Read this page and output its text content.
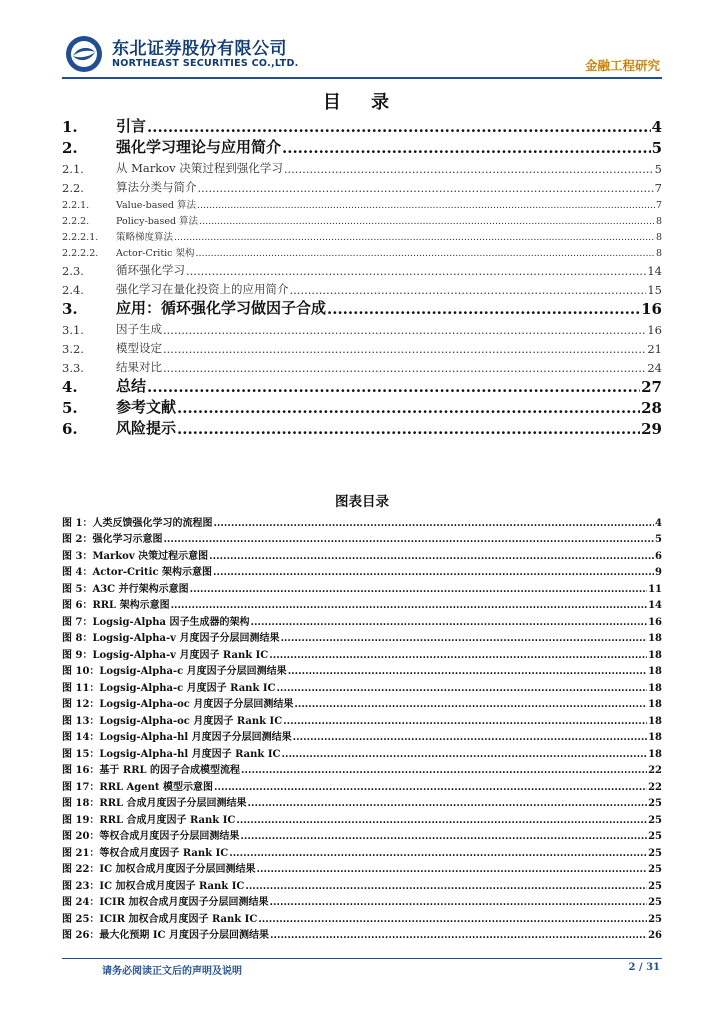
东北证券股份有限公司
NORTHEAST SECURITIES CO.,LTD.	金融工程研究
目 录
1.	引言 .....	4
2.	强化学习理论与应用简介 .....	5
2.1.	从 Markov 决策过程到强化学习 .....	5
2.2.	算法分类与简介 .....	7
2.2.1.	Value-based 算法 .....	7
2.2.2.	Policy-based 算法 .....	8
2.2.2.1.	策略梯度算法 .....	8
2.2.2.2.	Actor-Critic 架构 .....	8
2.3.	循环强化学习 .....	14
2.4.	强化学习在量化投资上的应用简介 .....	15
3.	应用：循环强化学习做因子合成 .....	16
3.1.	因子生成 .....	16
3.2.	模型设定 .....	21
3.3.	结果对比 .....	24
4.	总结 .....	27
5.	参考文献 .....	28
6.	风险提示 .....	29
图表目录
图 1：人类反馈强化学习的流程图 .....	4
图 2：强化学习示意图 .....	5
图 3：Markov 决策过程示意图 .....	6
图 4：Actor-Critic 架构示意图 .....	9
图 5：A3C 并行架构示意图 .....	11
图 6：RRL 架构示意图 .....	14
图 7：Logsig-Alpha 因子生成器的架构 .....	16
图 8：Logsig-Alpha-v 月度因子分层回测结果 .....	18
图 9：Logsig-Alpha-v 月度因子 Rank IC .....	18
图 10：Logsig-Alpha-c 月度因子分层回测结果 .....	18
图 11：Logsig-Alpha-c 月度因子 Rank IC .....	18
图 12：Logsig-Alpha-oc 月度因子分层回测结果 .....	18
图 13：Logsig-Alpha-oc 月度因子 Rank IC .....	18
图 14：Logsig-Alpha-hl 月度因子分层回测结果 .....	18
图 15：Logsig-Alpha-hl 月度因子 Rank IC .....	18
图 16：基于 RRL 的因子合成模型流程 .....	22
图 17：RRL Agent 模型示意图 .....	22
图 18：RRL 合成月度因子分层回测结果 .....	25
图 19：RRL 合成月度因子 Rank IC .....	25
图 20：等权合成月度因子分层回测结果 .....	25
图 21：等权合成月度因子 Rank IC .....	25
图 22：IC 加权合成月度因子分层回测结果 .....	25
图 23：IC 加权合成月度因子 Rank IC .....	25
图 24：ICIR 加权合成月度因子分层回测结果 .....	25
图 25：ICIR 加权合成月度因子 Rank IC .....	25
图 26：最大化预期 IC 月度因子分层回测结果 .....	26
请务必阅读正文后的声明及说明	2 / 31
